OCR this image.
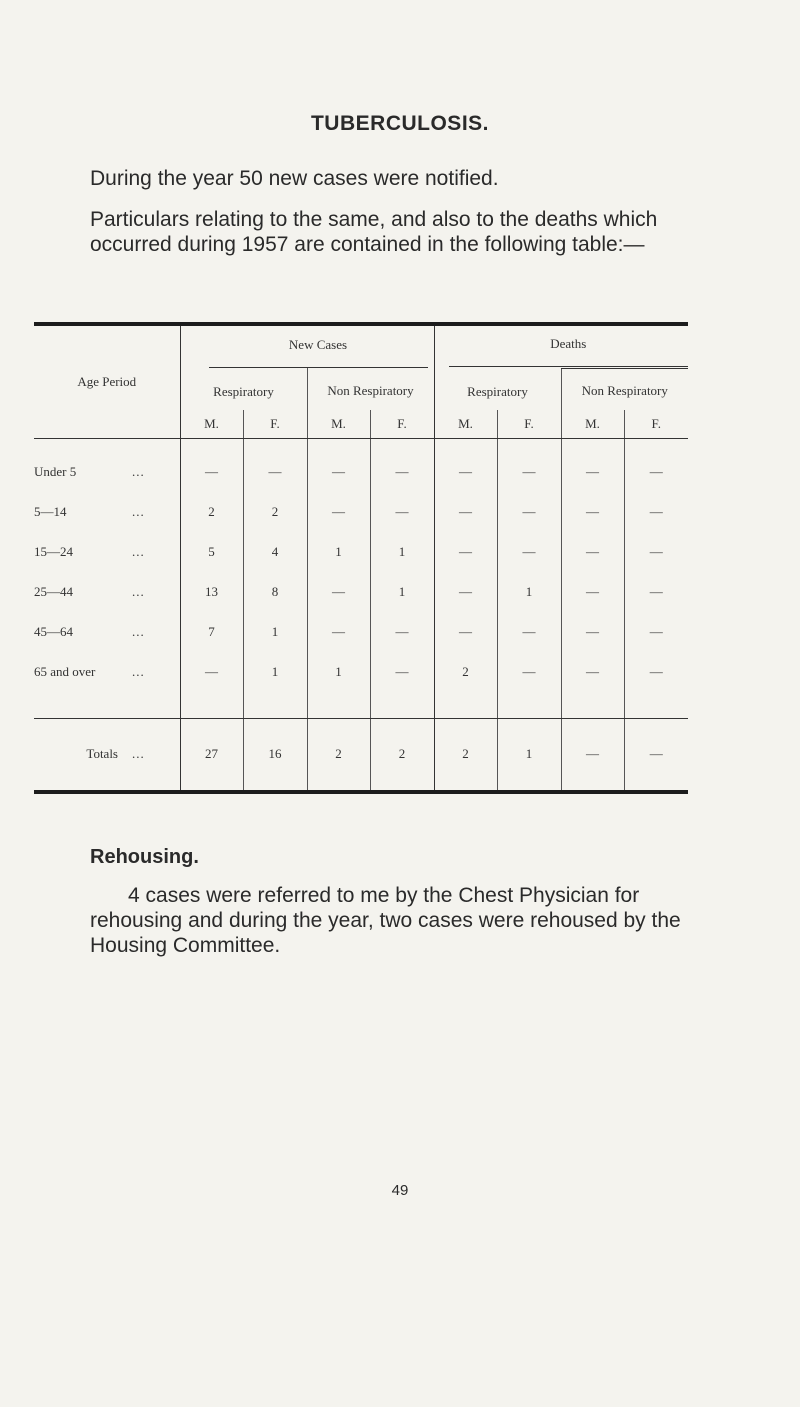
TUBERCULOSIS.
During the year 50 new cases were notified.
Particulars relating to the same, and also to the deaths which occurred during 1957 are contained in the following table:—
Age Period	New Cases				Deaths			

	Respiratory		Non Respiratory		Respiratory		Non Respiratory	

	M.	F.	M.	F.	M.	F.	M.	F.
Under 5 ...	—	—	—	—	—	—	—	—
5—14 ...	2	2	—	—	—	—	—	—
15—24 ...	5	4	1	1	—	—	—	—
25—44 ...	13	8	—	1	—	1	—	—
45—64 ...	7	1	—	—	—	—	—	—
65 and over ...	—	1	1	—	2	—	—	—

Totals ...	27	16	2	2	2	1	—	—
Rehousing.
4 cases were referred to me by the Chest Physician for rehousing and during the year, two cases were rehoused by the Housing Committee.
49
